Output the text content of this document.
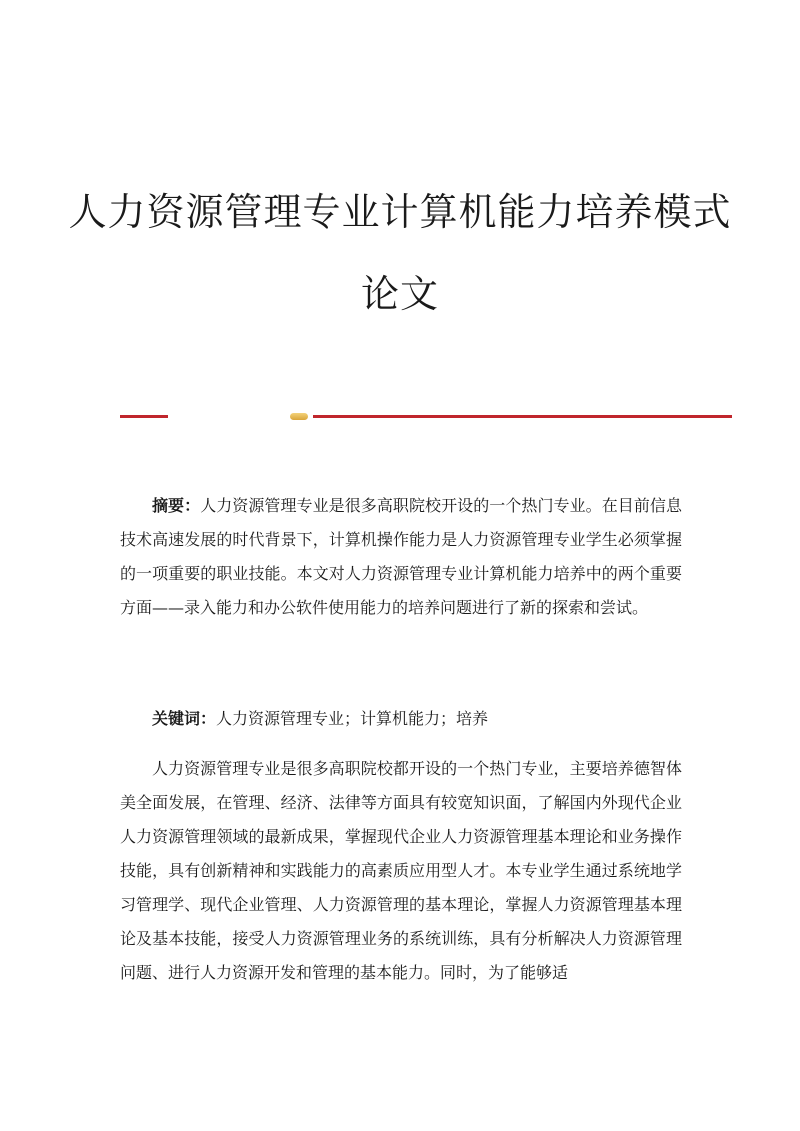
人力资源管理专业计算机能力培养模式
论文

摘要：人力资源管理专业是很多高职院校开设的一个热门专业。在目前信息技术高速发展的时代背景下，计算机操作能力是人力资源管理专业学生必须掌握的一项重要的职业技能。本文对人力资源管理专业计算机能力培养中的两个重要方面——录入能力和办公软件使用能力的培养问题进行了新的探索和尝试。

关键词：人力资源管理专业；计算机能力；培养

人力资源管理专业是很多高职院校都开设的一个热门专业，主要培养德智体美全面发展，在管理、经济、法律等方面具有较宽知识面，了解国内外现代企业人力资源管理领域的最新成果，掌握现代企业人力资源管理基本理论和业务操作技能，具有创新精神和实践能力的高素质应用型人才。本专业学生通过系统地学习管理学、现代企业管理、人力资源管理的基本理论，掌握人力资源管理基本理论及基本技能，接受人力资源管理业务的系统训练，具有分析解决人力资源管理问题、进行人力资源开发和管理的基本能力。同时，为了能够适
